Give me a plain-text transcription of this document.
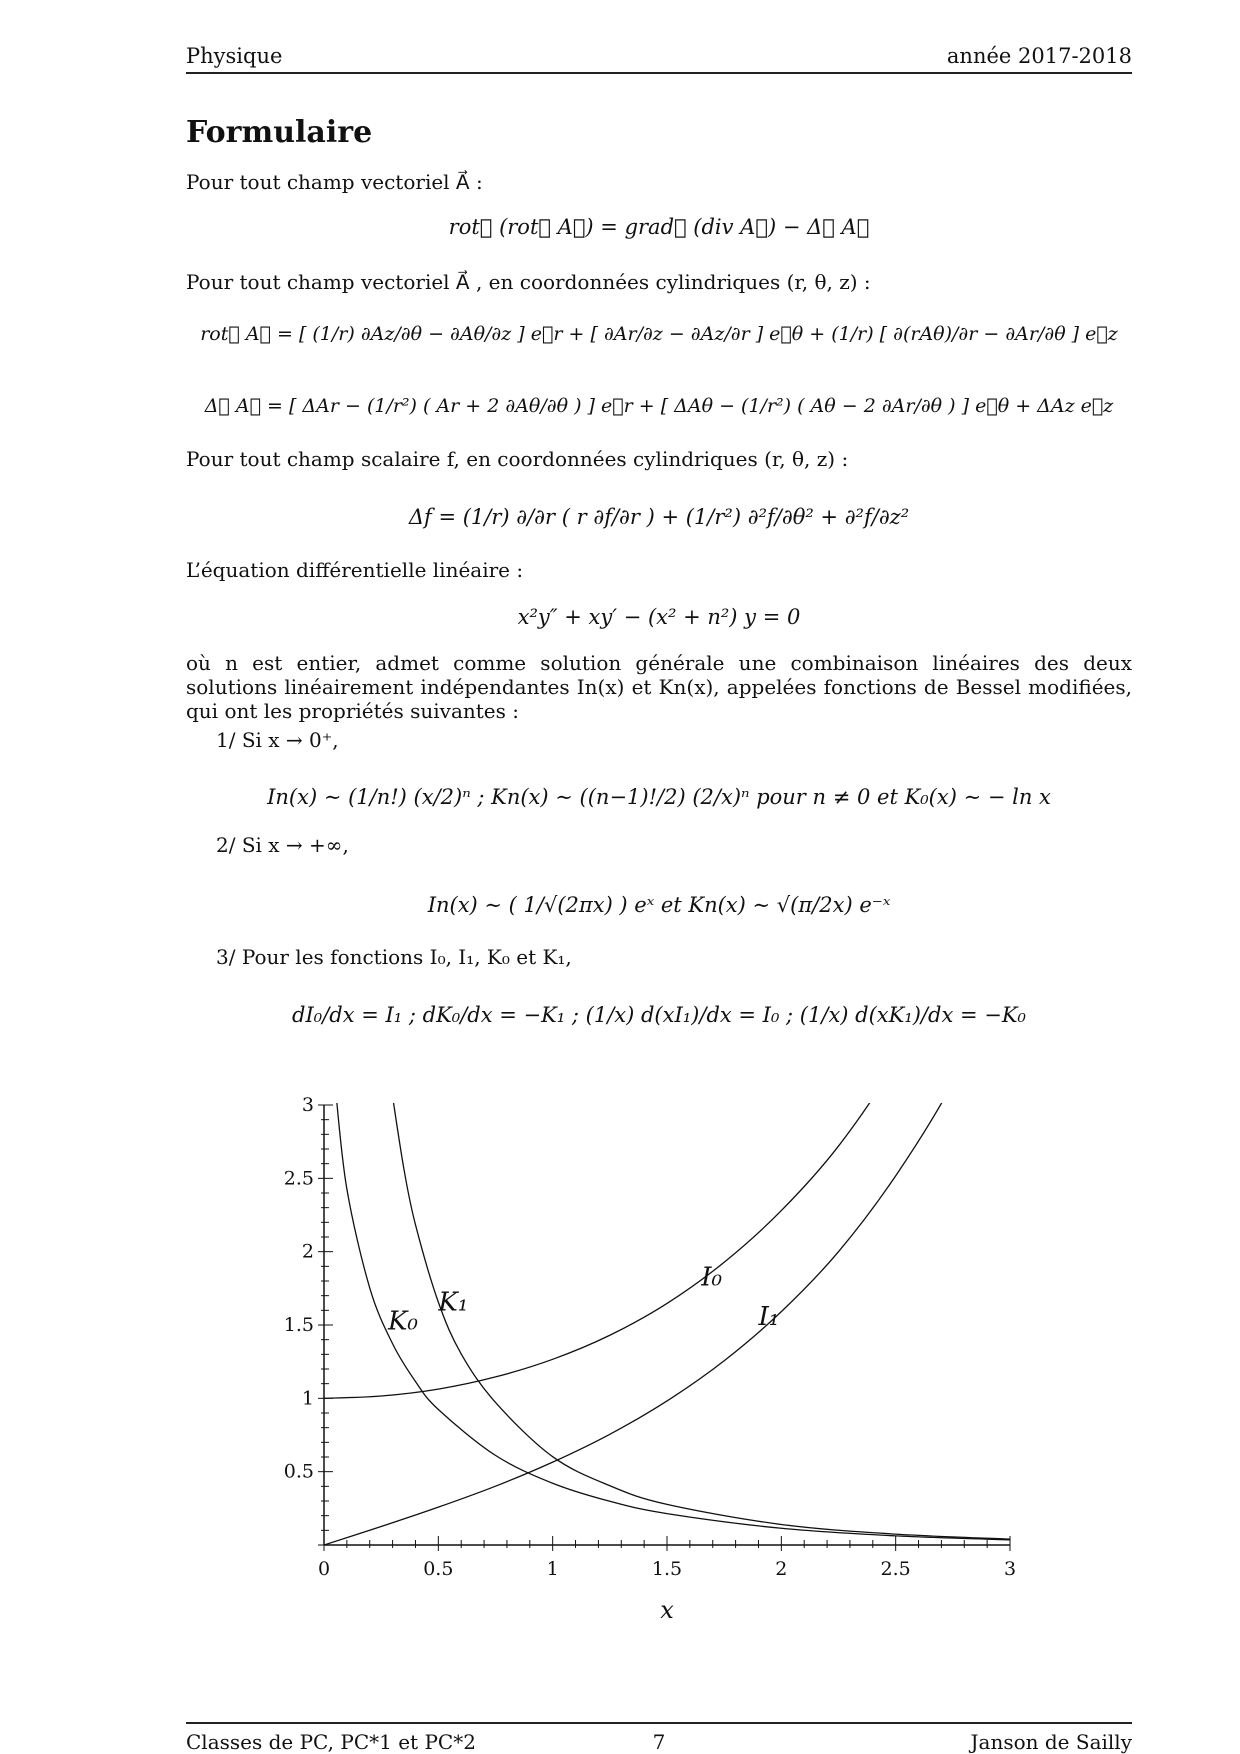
Physique	année 2017-2018
Formulaire
Pour tout champ vectoriel A⃗ :
rot⃗ (rot⃗ A⃗) = grad⃗ (div A⃗) − Δ⃗ A⃗
Pour tout champ vectoriel A⃗ , en coordonnées cylindriques (r, θ, z) :
rot⃗ A⃗ = [ (1/r) ∂Az/∂θ − ∂Aθ/∂z ] e⃗r + [ ∂Ar/∂z − ∂Az/∂r ] e⃗θ + (1/r) [ ∂(rAθ)/∂r − ∂Ar/∂θ ] e⃗z
Δ⃗ A⃗ = [ ΔAr − (1/r²) ( Ar + 2 ∂Aθ/∂θ ) ] e⃗r + [ ΔAθ − (1/r²) ( Aθ − 2 ∂Ar/∂θ ) ] e⃗θ + ΔAz e⃗z
Pour tout champ scalaire f, en coordonnées cylindriques (r, θ, z) :
Δf = (1/r) ∂/∂r ( r ∂f/∂r ) + (1/r²) ∂²f/∂θ² + ∂²f/∂z²
L’équation différentielle linéaire :
x²y″ + xy′ − (x² + n²) y = 0
où n est entier, admet comme solution générale une combinaison linéaires des deux solutions linéairement indépendantes In(x) et Kn(x), appelées fonctions de Bessel modifiées, qui ont les propriétés suivantes :
1/ Si x → 0⁺,
In(x) ∼ (1/n!) (x/2)ⁿ ; Kn(x) ∼ ((n−1)!/2) (2/x)ⁿ pour n ≠ 0 et K₀(x) ∼ − ln x
2/ Si x → +∞,
In(x) ∼ ( 1/√(2πx) ) eˣ et Kn(x) ∼ √(π/2x) e⁻ˣ
3/ Pour les fonctions I₀, I₁, K₀ et K₁,
dI₀/dx = I₁ ; dK₀/dx = −K₁ ; (1/x) d(xI₁)/dx = I₀ ; (1/x) d(xK₁)/dx = −K₀
0	0.5	1	1.5	2	2.5	3
0.5
1
1.5
2
2.5
3
x
I₀
I₁
K₀
K₁
Classes de PC, PC*1 et PC*2	7	Janson de Sailly
